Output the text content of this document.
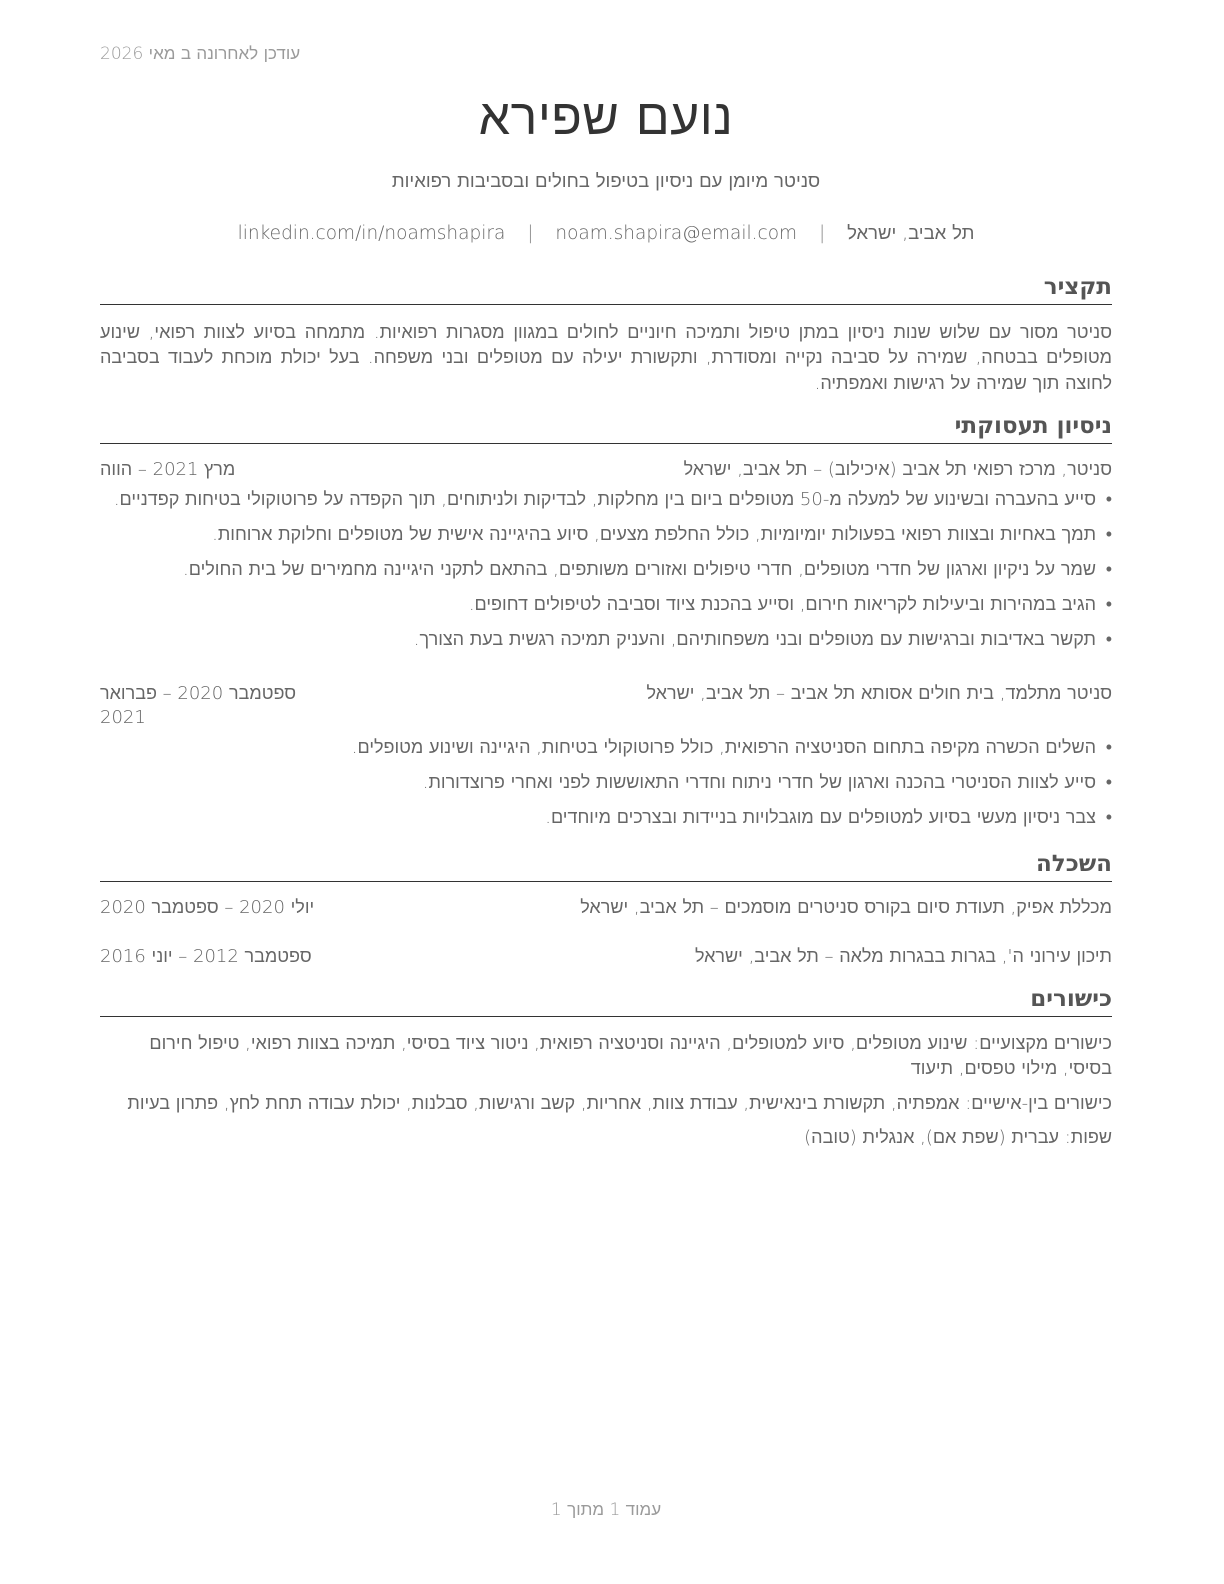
עודכן לאחרונה ב מאי 2026
נועם שפירא
סניטר מיומן עם ניסיון בטיפול בחולים ובסביבות רפואיות
תל אביב, ישראל | noam.shapira@email.com | linkedin.com/in/noamshapira
תקציר

סניטר מסור עם שלוש שנות ניסיון במתן טיפול ותמיכה חיוניים לחולים במגוון מסגרות רפואיות. מתמחה בסיוע לצוות רפואי, שינוע מטופלים בבטחה, שמירה על סביבה נקייה ומסודרת, ותקשורת יעילה עם מטופלים ובני משפחה. בעל יכולת מוכחת לעבוד בסביבה לחוצה תוך שמירה על רגישות ואמפתיה.

ניסיון תעסוקתי
סניטר, מרכז רפואי תל אביב (איכילוב) – תל אביב, ישראל
מרץ 2021 – הווה
• סייע בהעברה ובשינוע של למעלה מ-50 מטופלים ביום בין מחלקות, לבדיקות ולניתוחים, תוך הקפדה על פרוטוקולי בטיחות קפדניים.
• תמך באחיות ובצוות רפואי בפעולות יומיומיות, כולל החלפת מצעים, סיוע בהיגיינה אישית של מטופלים וחלוקת ארוחות.
• שמר על ניקיון וארגון של חדרי מטופלים, חדרי טיפולים ואזורים משותפים, בהתאם לתקני היגיינה מחמירים של בית החולים.
• הגיב במהירות וביעילות לקריאות חירום, וסייע בהכנת ציוד וסביבה לטיפולים דחופים.
• תקשר באדיבות וברגישות עם מטופלים ובני משפחותיהם, והעניק תמיכה רגשית בעת הצורך.
סניטר מתלמד, בית חולים אסותא תל אביב – תל אביב, ישראל
ספטמבר 2020 – פברואר 2021
• השלים הכשרה מקיפה בתחום הסניטציה הרפואית, כולל פרוטוקולי בטיחות, היגיינה ושינוע מטופלים.
• סייע לצוות הסניטרי בהכנה וארגון של חדרי ניתוח וחדרי התאוששות לפני ואחרי פרוצדורות.
• צבר ניסיון מעשי בסיוע למטופלים עם מוגבלויות בניידות ובצרכים מיוחדים.
השכלה
מכללת אפיק, תעודת סיום בקורס סניטרים מוסמכים – תל אביב, ישראל
יולי 2020 – ספטמבר 2020
תיכון עירוני ה', בגרות בבגרות מלאה – תל אביב, ישראל
ספטמבר 2012 – יוני 2016
כישורים
כישורים מקצועיים: שינוע מטופלים, סיוע למטופלים, היגיינה וסניטציה רפואית, ניטור ציוד בסיסי, תמיכה בצוות רפואי, טיפול חירום בסיסי, מילוי טפסים, תיעוד
כישורים בין-אישיים: אמפתיה, תקשורת בינאישית, עבודת צוות, אחריות, קשב ורגישות, סבלנות, יכולת עבודה תחת לחץ, פתרון בעיות
שפות: עברית (שפת אם), אנגלית (טובה)
עמוד 1 מתוך 1
